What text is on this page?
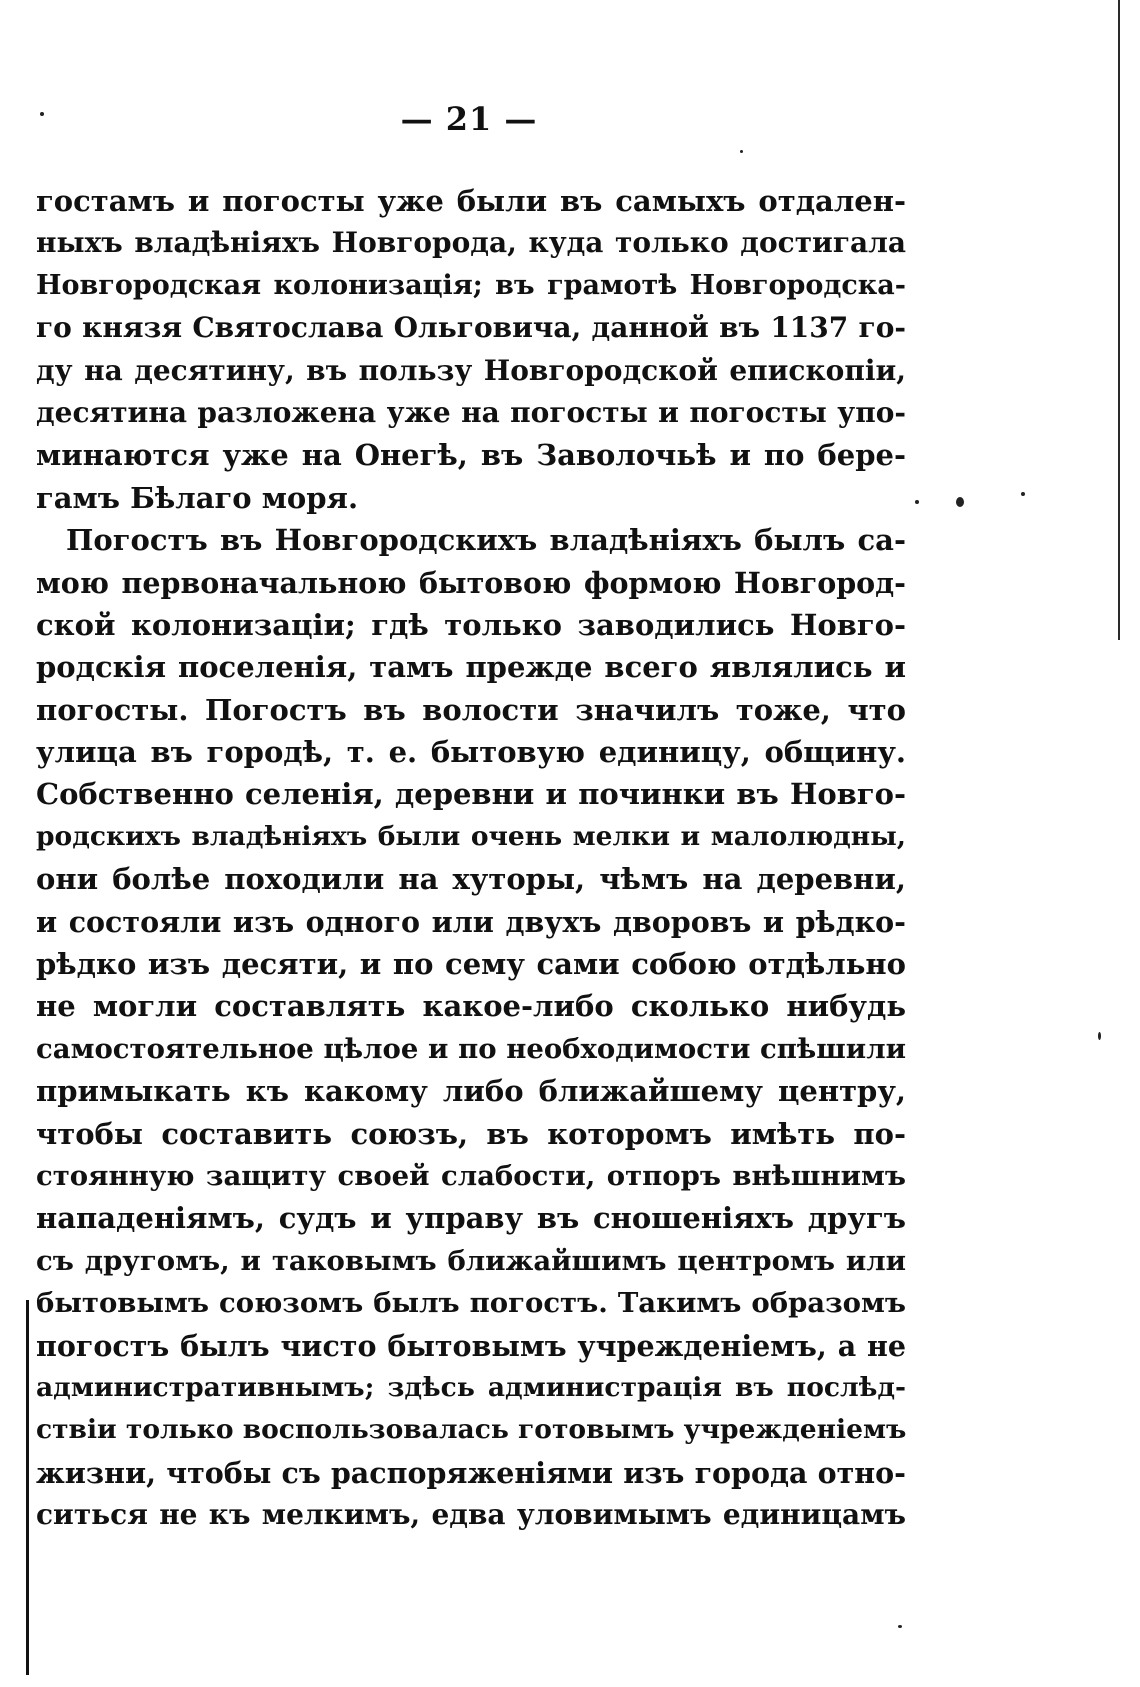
— 21 —
гостамъ и погосты уже были въ самыхъ отдален-
ныхъ владѣніяхъ Новгорода, куда только достигала
Новгородская колонизація; въ грамотѣ Новгородска-
го князя Святослава Ольговича, данной въ 1137 го-
ду на десятину, въ пользу Новгородской епископіи,
десятина разложена уже на погосты и погосты упо-
минаются уже на Онегѣ, въ Заволочьѣ и по бере-
гамъ Бѣлаго моря.
Погостъ въ Новгородскихъ владѣніяхъ былъ са-
мою первоначальною бытовою формою Новгород-
ской колонизаціи; гдѣ только заводились Новго-
родскія поселенія, тамъ прежде всего являлись и
погосты. Погостъ въ волости значилъ тоже, что
улица въ городѣ, т. е. бытовую единицу, общину.
Собственно селенія, деревни и починки въ Новго-
родскихъ владѣніяхъ были очень мелки и малолюдны,
они болѣе походили на хуторы, чѣмъ на деревни,
и состояли изъ одного или двухъ дворовъ и рѣдко-
рѣдко изъ десяти, и по сему сами собою отдѣльно
не могли составлять какое-либо сколько нибудь
самостоятельное цѣлое и по необходимости спѣшили
примыкать къ какому либо ближайшему центру,
чтобы составить союзъ, въ которомъ имѣть по-
стоянную защиту своей слабости, отпоръ внѣшнимъ
нападеніямъ, судъ и управу въ сношеніяхъ другъ
съ другомъ, и таковымъ ближайшимъ центромъ или
бытовымъ союзомъ былъ погостъ. Такимъ образомъ
погостъ былъ чисто бытовымъ учрежденіемъ, а не
административнымъ; здѣсь администрація въ послѣд-
ствіи только воспользовалась готовымъ учрежденіемъ
жизни, чтобы съ распоряженіями изъ города отно-
ситься не къ мелкимъ, едва уловимымъ единицамъ
